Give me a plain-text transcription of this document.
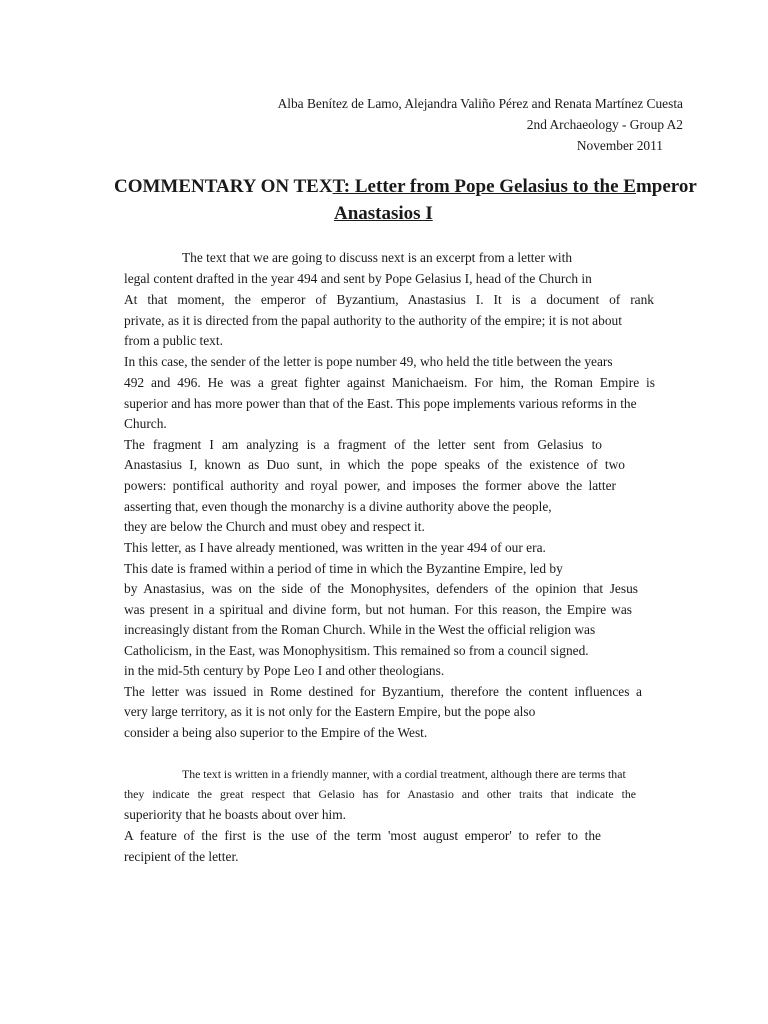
Alba Benítez de Lamo, Alejandra Valiño Pérez and Renata Martínez Cuesta
2nd Archaeology - Group A2
November 2011
COMMENTARY ON TEXT: Letter from Pope Gelasius to the Emperor
Anastasios I
The text that we are going to discuss next is an excerpt from a letter with
legal content drafted in the year 494 and sent by Pope Gelasius I, head of the Church in
At that moment, the emperor of Byzantium, Anastasius I. It is a document of rank
private, as it is directed from the papal authority to the authority of the empire; it is not about
from a public text.
In this case, the sender of the letter is pope number 49, who held the title between the years
492 and 496. He was a great fighter against Manichaeism. For him, the Roman Empire is
superior and has more power than that of the East. This pope implements various reforms in the
Church.
The fragment I am analyzing is a fragment of the letter sent from Gelasius to
Anastasius I, known as Duo sunt, in which the pope speaks of the existence of two
powers: pontifical authority and royal power, and imposes the former above the latter
asserting that, even though the monarchy is a divine authority above the people,
they are below the Church and must obey and respect it.
This letter, as I have already mentioned, was written in the year 494 of our era.
This date is framed within a period of time in which the Byzantine Empire, led by
by Anastasius, was on the side of the Monophysites, defenders of the opinion that Jesus
was present in a spiritual and divine form, but not human. For this reason, the Empire was
increasingly distant from the Roman Church. While in the West the official religion was
Catholicism, in the East, was Monophysitism. This remained so from a council signed.
in the mid-5th century by Pope Leo I and other theologians.
The letter was issued in Rome destined for Byzantium, therefore the content influences a
very large territory, as it is not only for the Eastern Empire, but the pope also
consider a being also superior to the Empire of the West.
The text is written in a friendly manner, with a cordial treatment, although there are terms that
they indicate the great respect that Gelasio has for Anastasio and other traits that indicate the
superiority that he boasts about over him.
A feature of the first is the use of the term 'most august emperor' to refer to the
recipient of the letter.
